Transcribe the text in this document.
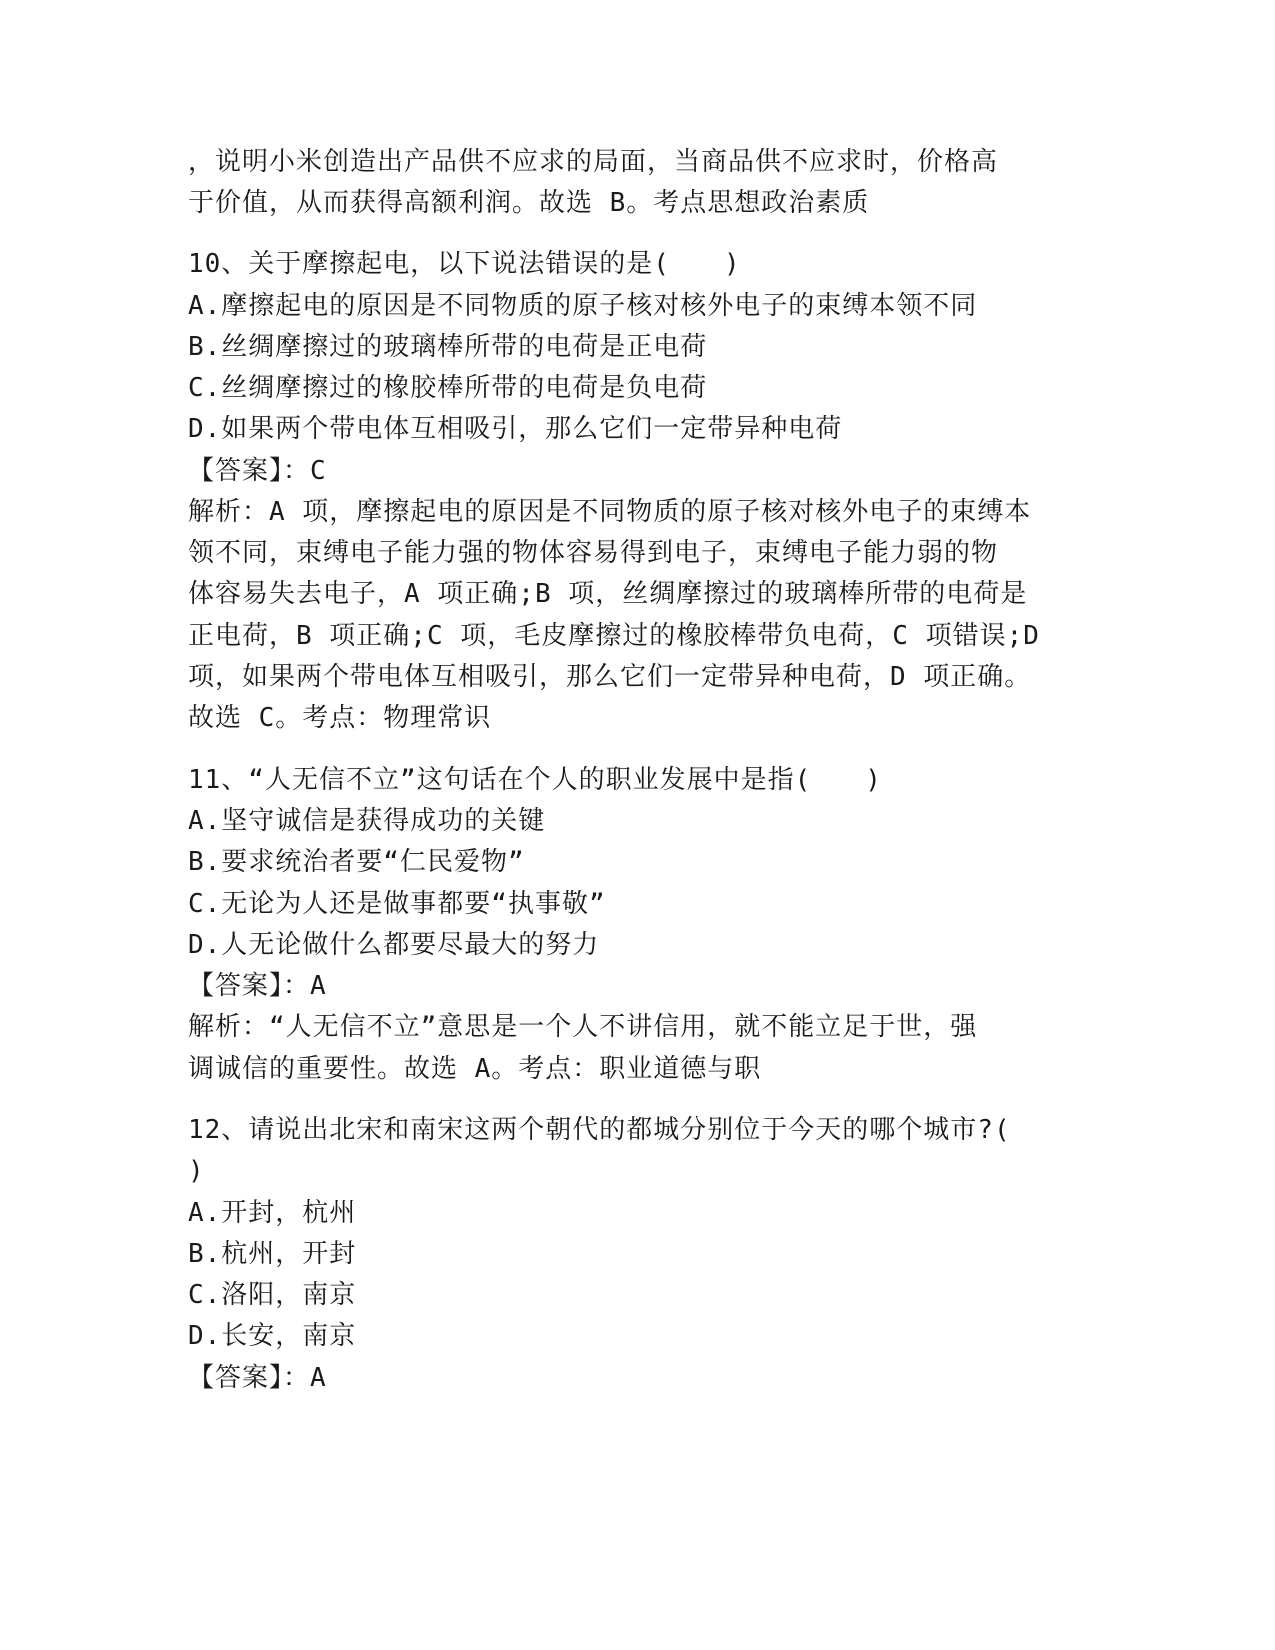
，说明小米创造出产品供不应求的局面，当商品供不应求时，价格高
于价值，从而获得高额利润。故选 B。考点思想政治素质
10、关于摩擦起电，以下说法错误的是(　　)
A.摩擦起电的原因是不同物质的原子核对核外电子的束缚本领不同
B.丝绸摩擦过的玻璃棒所带的电荷是正电荷
C.丝绸摩擦过的橡胶棒所带的电荷是负电荷
D.如果两个带电体互相吸引，那么它们一定带异种电荷
【答案】：C
解析：A 项，摩擦起电的原因是不同物质的原子核对核外电子的束缚本
领不同，束缚电子能力强的物体容易得到电子，束缚电子能力弱的物
体容易失去电子，A 项正确;B 项，丝绸摩擦过的玻璃棒所带的电荷是
正电荷，B 项正确;C 项，毛皮摩擦过的橡胶棒带负电荷，C 项错误;D
项，如果两个带电体互相吸引，那么它们一定带异种电荷，D 项正确。
故选 C。考点：物理常识
11、“人无信不立”这句话在个人的职业发展中是指(　　)
A.坚守诚信是获得成功的关键
B.要求统治者要“仁民爱物”
C.无论为人还是做事都要“执事敬”
D.人无论做什么都要尽最大的努力
【答案】：A
解析：“人无信不立”意思是一个人不讲信用，就不能立足于世，强
调诚信的重要性。故选 A。考点：职业道德与职
12、请说出北宋和南宋这两个朝代的都城分别位于今天的哪个城市?(
)
A.开封，杭州
B.杭州，开封
C.洛阳，南京
D.长安，南京
【答案】：A
